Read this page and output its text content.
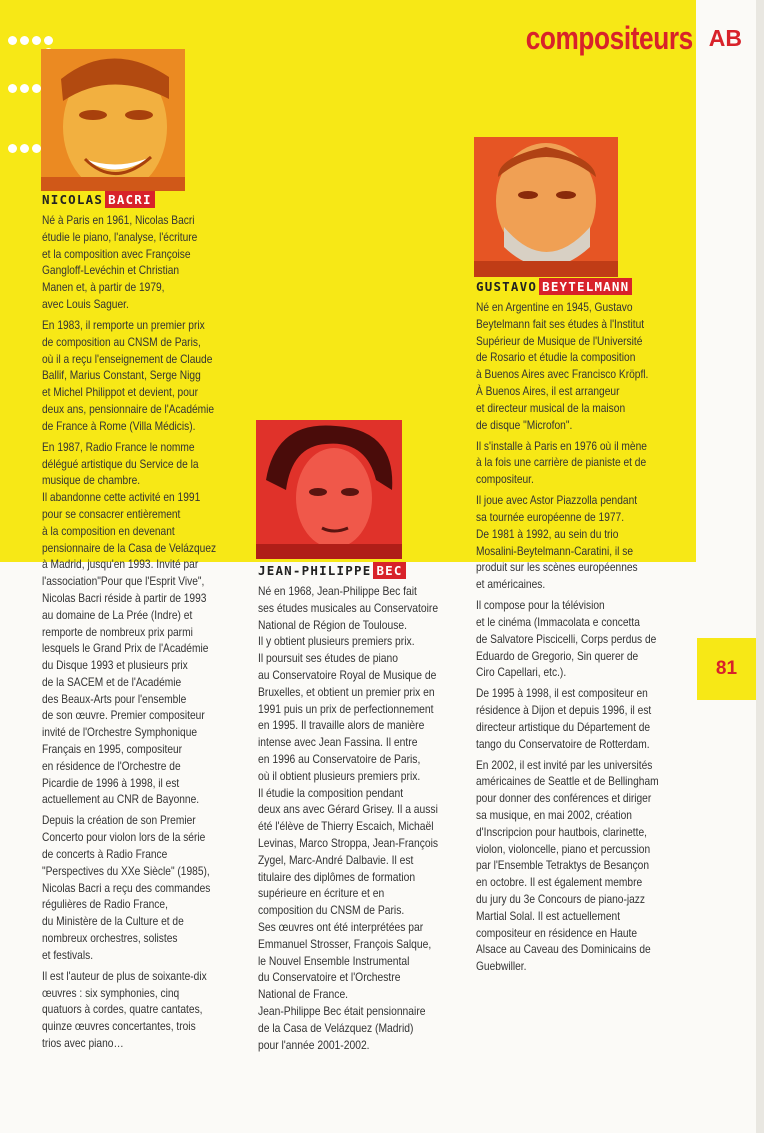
compositeurs AB
81
NICOLAS BACRI
JEAN-PHILIPPE BEC
GUSTAVO BEYTELMANN

Né à Paris en 1961, Nicolas Bacri
étudie le piano, l'analyse, l'écriture
et la composition avec Françoise
Gangloff-Levéchin et Christian
Manen et, à partir de 1979,
avec Louis Saguer.

En 1983, il remporte un premier prix
de composition au CNSM de Paris,
où il a reçu l'enseignement de Claude
Ballif, Marius Constant, Serge Nigg
et Michel Philippot et devient, pour
deux ans, pensionnaire de l'Académie
de France à Rome (Villa Médicis).

En 1987, Radio France le nomme
délégué artistique du Service de la
musique de chambre.
Il abandonne cette activité en 1991
pour se consacrer entièrement
à la composition en devenant
pensionnaire de la Casa de Velázquez
à Madrid, jusqu'en 1993. Invité par
l'association"Pour que l'Esprit Vive",
Nicolas Bacri réside à partir de 1993
au domaine de La Prée (Indre) et
remporte de nombreux prix parmi
lesquels le Grand Prix de l'Académie
du Disque 1993 et plusieurs prix
de la SACEM et de l'Académie
des Beaux-Arts pour l'ensemble
de son œuvre. Premier compositeur
invité de l'Orchestre Symphonique
Français en 1995, compositeur
en résidence de l'Orchestre de
Picardie de 1996 à 1998, il est
actuellement au CNR de Bayonne.

Depuis la création de son Premier
Concerto pour violon lors de la série
de concerts à Radio France
"Perspectives du XXe Siècle" (1985),
Nicolas Bacri a reçu des commandes
régulières de Radio France,
du Ministère de la Culture et de
nombreux orchestres, solistes
et festivals.

Il est l'auteur de plus de soixante-dix
œuvres : six symphonies, cinq
quatuors à cordes, quatre cantates,
quinze œuvres concertantes, trois
trios avec piano…

Né en 1968, Jean-Philippe Bec fait
ses études musicales au Conservatoire
National de Région de Toulouse.
Il y obtient plusieurs premiers prix.
Il poursuit ses études de piano
au Conservatoire Royal de Musique de
Bruxelles, et obtient un premier prix en
1991 puis un prix de perfectionnement
en 1995. Il travaille alors de manière
intense avec Jean Fassina. Il entre
en 1996 au Conservatoire de Paris,
où il obtient plusieurs premiers prix.
Il étudie la composition pendant
deux ans avec Gérard Grisey. Il a aussi
été l'élève de Thierry Escaich, Michaël
Levinas, Marco Stroppa, Jean-François
Zygel, Marc-André Dalbavie. Il est
titulaire des diplômes de formation
supérieure en écriture et en
composition du CNSM de Paris.
Ses œuvres ont été interprétées par
Emmanuel Strosser, François Salque,
le Nouvel Ensemble Instrumental
du Conservatoire et l'Orchestre
National de France.
Jean-Philippe Bec était pensionnaire
de la Casa de Velázquez (Madrid)
pour l'année 2001-2002.

Né en Argentine en 1945, Gustavo
Beytelmann fait ses études à l'Institut
Supérieur de Musique de l'Université
de Rosario et étudie la composition
à Buenos Aires avec Francisco Kröpfl.
À Buenos Aires, il est arrangeur
et directeur musical de la maison
de disque "Microfon".

Il s'installe à Paris en 1976 où il mène
à la fois une carrière de pianiste et de
compositeur.

Il joue avec Astor Piazzolla pendant
sa tournée européenne de 1977.
De 1981 à 1992, au sein du trio
Mosalini-Beytelmann-Caratini, il se
produit sur les scènes européennes
et américaines.

Il compose pour la télévision
et le cinéma (Immacolata e concetta
de Salvatore Piscicelli, Corps perdus de
Eduardo de Gregorio, Sin querer de
Ciro Capellari, etc.).

De 1995 à 1998, il est compositeur en
résidence à Dijon et depuis 1996, il est
directeur artistique du Département de
tango du Conservatoire de Rotterdam.

En 2002, il est invité par les universités
américaines de Seattle et de Bellingham
pour donner des conférences et diriger
sa musique, en mai 2002, création
d'Inscripcion pour hautbois, clarinette,
violon, violoncelle, piano et percussion
par l'Ensemble Tetraktys de Besançon
en octobre. Il est également membre
du jury du 3e Concours de piano-jazz
Martial Solal. Il est actuellement
compositeur en résidence en Haute
Alsace au Caveau des Dominicains de
Guebwiller.
